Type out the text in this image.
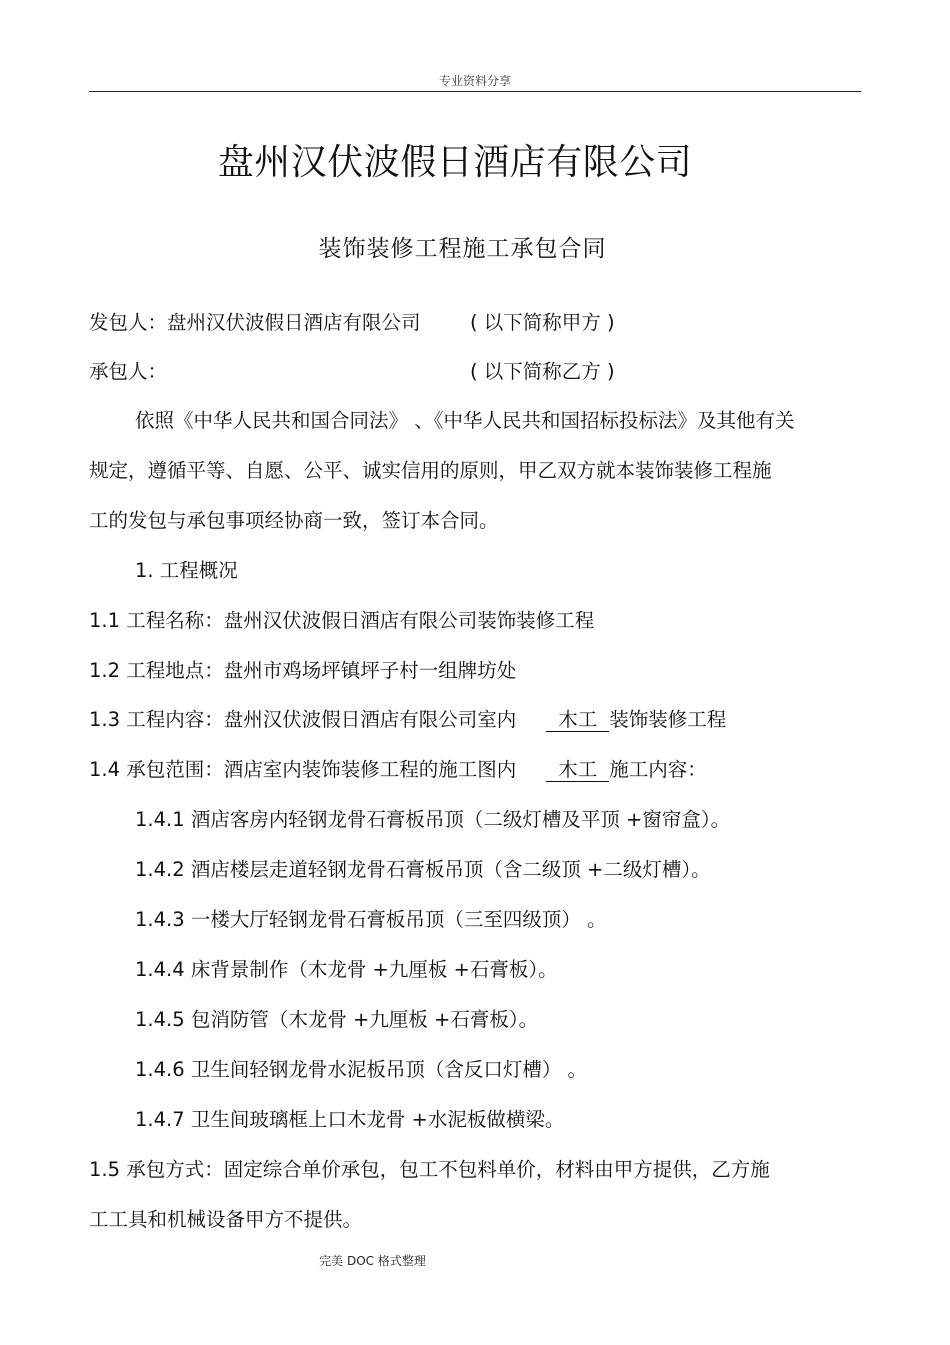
专业资料分享
盘州汉伏波假日酒店有限公司
装饰装修工程施工承包合同
发包人：盘州汉伏波假日酒店有限公司	( 以下简称甲方 )
承包人：	( 以下简称乙方 )
依照《中华人民共和国合同法》 、《中华人民共和国招标投标法》及其他有关
规定，遵循平等、自愿、公平、诚实信用的原则，甲乙双方就本装饰装修工程施
工的发包与承包事项经协商一致，签订本合同。
1. 工程概况
1.1 工程名称：盘州汉伏波假日酒店有限公司装饰装修工程
1.2 工程地点：盘州市鸡场坪镇坪子村一组牌坊处
1.3 工程内容：盘州汉伏波假日酒店有限公司室内 木工 装饰装修工程
1.4 承包范围：酒店室内装饰装修工程的施工图内 木工 施工内容：
1.4.1 酒店客房内轻钢龙骨石膏板吊顶（二级灯槽及平顶 +窗帘盒）。
1.4.2 酒店楼层走道轻钢龙骨石膏板吊顶（含二级顶 +二级灯槽）。
1.4.3 一楼大厅轻钢龙骨石膏板吊顶（三至四级顶） 。
1.4.4 床背景制作（木龙骨 +九厘板 +石膏板）。
1.4.5 包消防管（木龙骨 +九厘板 +石膏板）。
1.4.6 卫生间轻钢龙骨水泥板吊顶（含反口灯槽） 。
1.4.7 卫生间玻璃框上口木龙骨 +水泥板做横梁。
1.5 承包方式：固定综合单价承包，包工不包料单价，材料由甲方提供，乙方施
工工具和机械设备甲方不提供。
完美 DOC 格式整理
